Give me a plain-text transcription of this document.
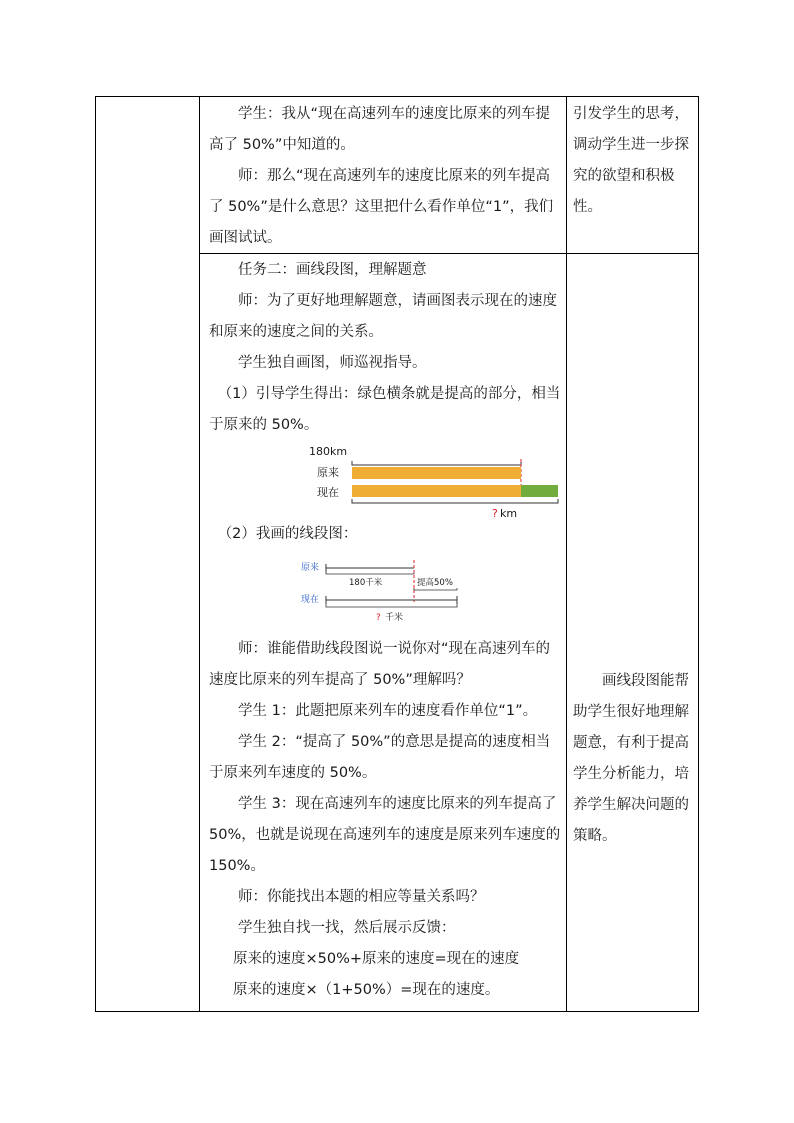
学生：我从“现在高速列车的速度比原来的列车提高了 50%”中知道的。

师：那么“现在高速列车的速度比原来的列车提高了 50%”是什么意思？这里把什么看作单位“1”，我们画图试试。

引发学生的思考，调动学生进一步探究的欲望和积极性。

任务二：画线段图，理解题意

师：为了更好地理解题意，请画图表示现在的速度和原来的速度之间的关系。

学生独自画图，师巡视指导。

（1）引导学生得出：绿色横条就是提高的部分，相当于原来的 50%。

180km
原来
现在
? km

（2）我画的线段图：

原来
180千米	提高50%
现在
? 千米

师：谁能借助线段图说一说你对“现在高速列车的速度比原来的列车提高了 50%”理解吗？

学生 1：此题把原来列车的速度看作单位“1”。

学生 2：“提高了 50%”的意思是提高的速度相当于原来列车速度的 50%。

学生 3：现在高速列车的速度比原来的列车提高了 50%，也就是说现在高速列车的速度是原来列车速度的 150%。

师：你能找出本题的相应等量关系吗？

学生独自找一找，然后展示反馈：

原来的速度×50%+原来的速度=现在的速度

原来的速度×（1+50%）=现在的速度。

画线段图能帮助学生很好地理解题意，有利于提高学生分析能力，培养学生解决问题的策略。
